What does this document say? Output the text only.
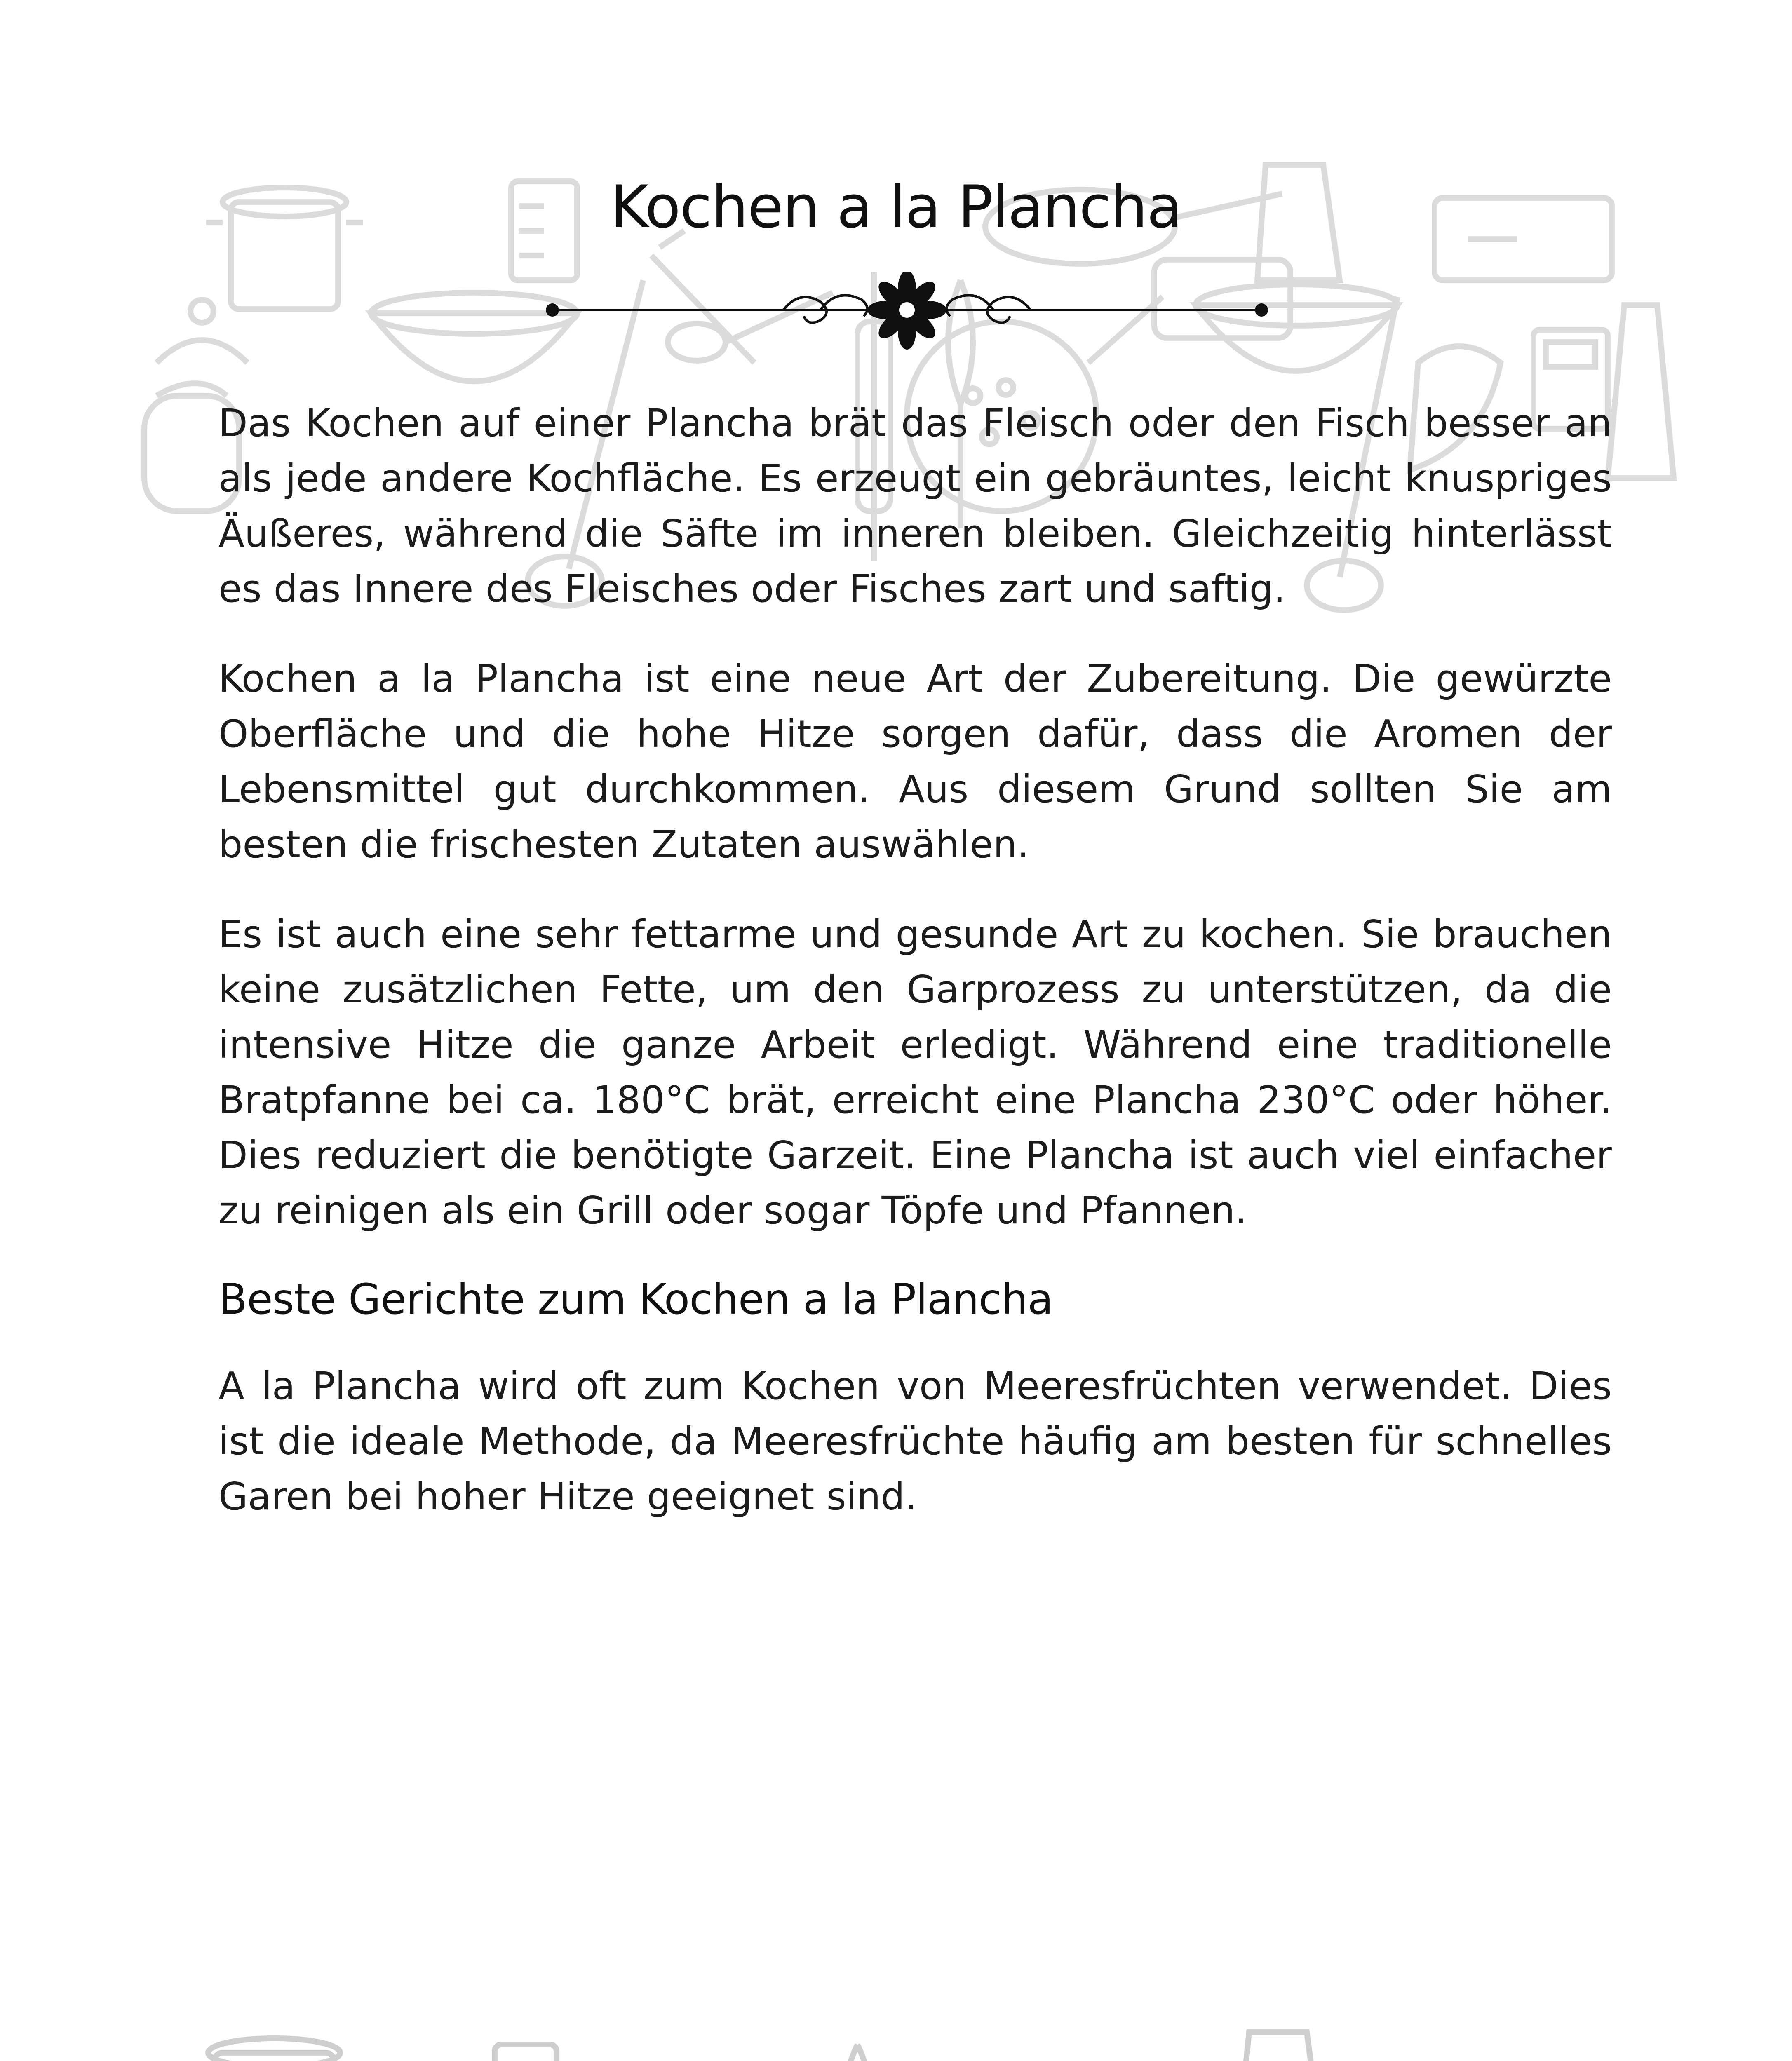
Kochen a la Plancha

Das Kochen auf einer Plancha brät das Fleisch oder den Fisch besser an als jede andere Kochfläche. Es erzeugt ein gebräuntes, leicht knuspriges Äußeres, während die Säfte im inneren bleiben. Gleichzeitig hinterlässt es das Innere des Fleisches oder Fisches zart und saftig.

Kochen a la Plancha ist eine neue Art der Zubereitung. Die gewürzte Oberfläche und die hohe Hitze sorgen dafür, dass die Aromen der Lebensmittel gut durchkommen. Aus diesem Grund sollten Sie am besten die frischesten Zutaten auswählen.

Es ist auch eine sehr fettarme und gesunde Art zu kochen. Sie brauchen keine zusätzlichen Fette, um den Garprozess zu unterstützen, da die intensive Hitze die ganze Arbeit erledigt. Während eine traditionelle Bratpfanne bei ca. 180°C brät, erreicht eine Plancha 230°C oder höher. Dies reduziert die benötigte Garzeit. Eine Plancha ist auch viel einfacher zu reinigen als ein Grill oder sogar Töpfe und Pfannen.

Beste Gerichte zum Kochen a la Plancha

A la Plancha wird oft zum Kochen von Meeresfrüchten verwendet. Dies ist die ideale Methode, da Meeresfrüchte häufig am besten für schnelles Garen bei hoher Hitze geeignet sind.
